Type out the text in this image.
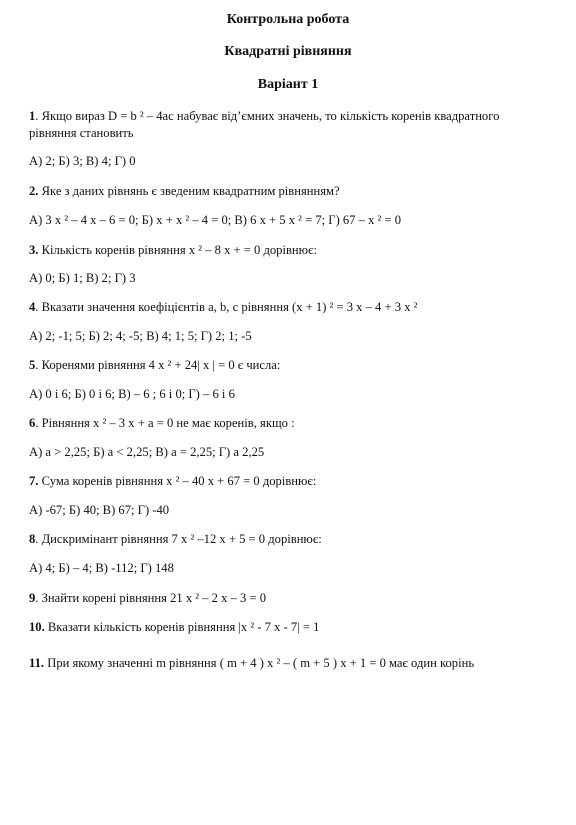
Контрольна робота
Квадратні рівняння
Варіант 1
1. Якщо вираз D = b ² – 4ac набуває від’ємних значень, то кількість коренів квадратного рівняння становить
А) 2; Б) 3; В) 4; Г) 0
2. Яке з даних рівнянь є зведеним квадратним рівнянням?
А) 3 x ² – 4 x – 6 = 0; Б) x + x ² – 4 = 0; В) 6 x + 5 x ² = 7; Г) 67 – x ² = 0
3. Кількість коренів рівняння x ² – 8 x + = 0 дорівнює:
А) 0; Б) 1; В) 2; Г) 3
4. Вказати значення коефіцієнтів a, b, c рівняння (x + 1) ² = 3 x – 4 + 3 x ²
А) 2; -1; 5; Б) 2; 4; -5; В) 4; 1; 5; Г) 2; 1; -5
5. Коренями рівняння 4 x ² + 24| x | = 0 є числа:
А) 0 і 6; Б) 0 і 6; В) – 6 ; 6 і 0; Г) – 6 і 6
6. Рівняння x ² – 3 x + a = 0 не має коренів, якщо :
А) а > 2,25; Б) а < 2,25; В) а = 2,25; Г) а 2,25
7. Сума коренів рівняння x ² – 40 x + 67 = 0 дорівнює:
А) -67; Б) 40; В) 67; Г) -40
8. Дискримінант рівняння 7 x ² –12 x + 5 = 0 дорівнює:
А) 4; Б) – 4; В) -112; Г) 148
9. Знайти корені рівняння 21 x ² – 2 x – 3 = 0
10. Вказати кількість коренів рівняння |x ² - 7 x - 7| = 1
11. При якому значенні m рівняння ( m + 4 ) x ² – ( m + 5 ) x + 1 = 0 має один корінь
